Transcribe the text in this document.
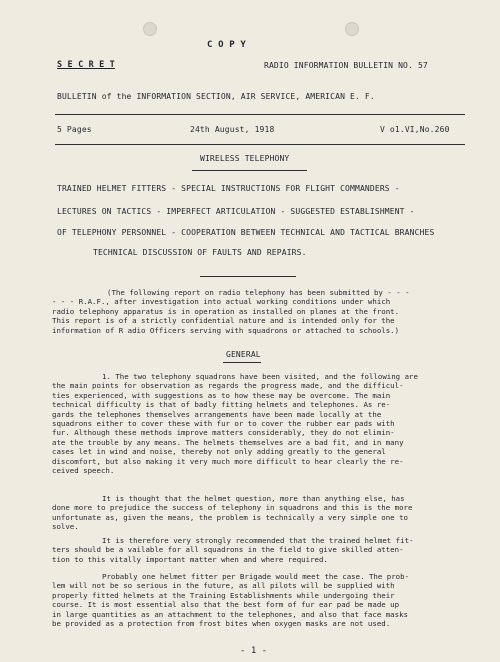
C O P Y
S E C R E T	RADIO INFORMATION BULLETIN NO. 57
BULLETIN of the INFORMATION SECTION, AIR SERVICE, AMERICAN E. F.
5 Pages	24th August, 1918	V o1.VI,No.260
WIRELESS TELEPHONY
TRAINED HELMET FITTERS - SPECIAL INSTRUCTIONS FOR FLIGHT COMMANDERS -
LECTURES ON TACTICS - IMPERFECT ARTICULATION - SUGGESTED ESTABLISHMENT -
OF TELEPHONY PERSONNEL - COOPERATION BETWEEN TECHNICAL AND TACTICAL BRANCHES
TECHNICAL DISCUSSION OF FAULTS AND REPAIRS.

(The following report on radio telephony has been submitted by - - -

- - - R.A.F., after investigation into actual working conditions under which

radio telephony apparatus is in operation as installed on planes at the front.

This report is of a strictly confidential nature and is intended only for the

information of R adio Officers serving with squadrons or attached to schools.)

GENERAL

1. The two telephony squadrons have been visited, and the following are

the main points for observation as regards the progress made, and the difficul-

ties experienced, with suggestions as to how these may be overcome. The main

technical difficulty is that of badly fitting helmets and telephones. As re-

gards the telephones themselves arrangements have been made locally at the

squadrons either to cover these with fur or to cover the rubber ear pads with

fur. Although these methods improve matters considerably, they do not elimin-

ate the trouble by any means. The helmets themselves are a bad fit, and in many

cases let in wind and noise, thereby not only adding greatly to the general

discomfort, but also making it very much more difficult to hear clearly the re-

ceived speech.

It is thought that the helmet question, more than anything else, has

done more to prejudice the success of telephony in squadrons and this is the more

unfortunate as, given the means, the problem is technically a very simple one to

solve.

It is therefore very strongly recommended that the trained helmet fit-

ters should be a vailable for all squadrons in the field to give skilled atten-

tion to this vitally important matter when and where required.

Probably one helmet fitter per Brigade would meet the case. The prob-

lem will not be so serious in the future, as all pilots will be supplied with

properly fitted helmets at the Training Establishments while undergoing their

course. It is most essential also that the best form of fur ear pad be made up

in large quantities as an attachment to the telephones, and also that face masks

be provided as a protection from frost bites when oxygen masks are not used.

- 1 -
